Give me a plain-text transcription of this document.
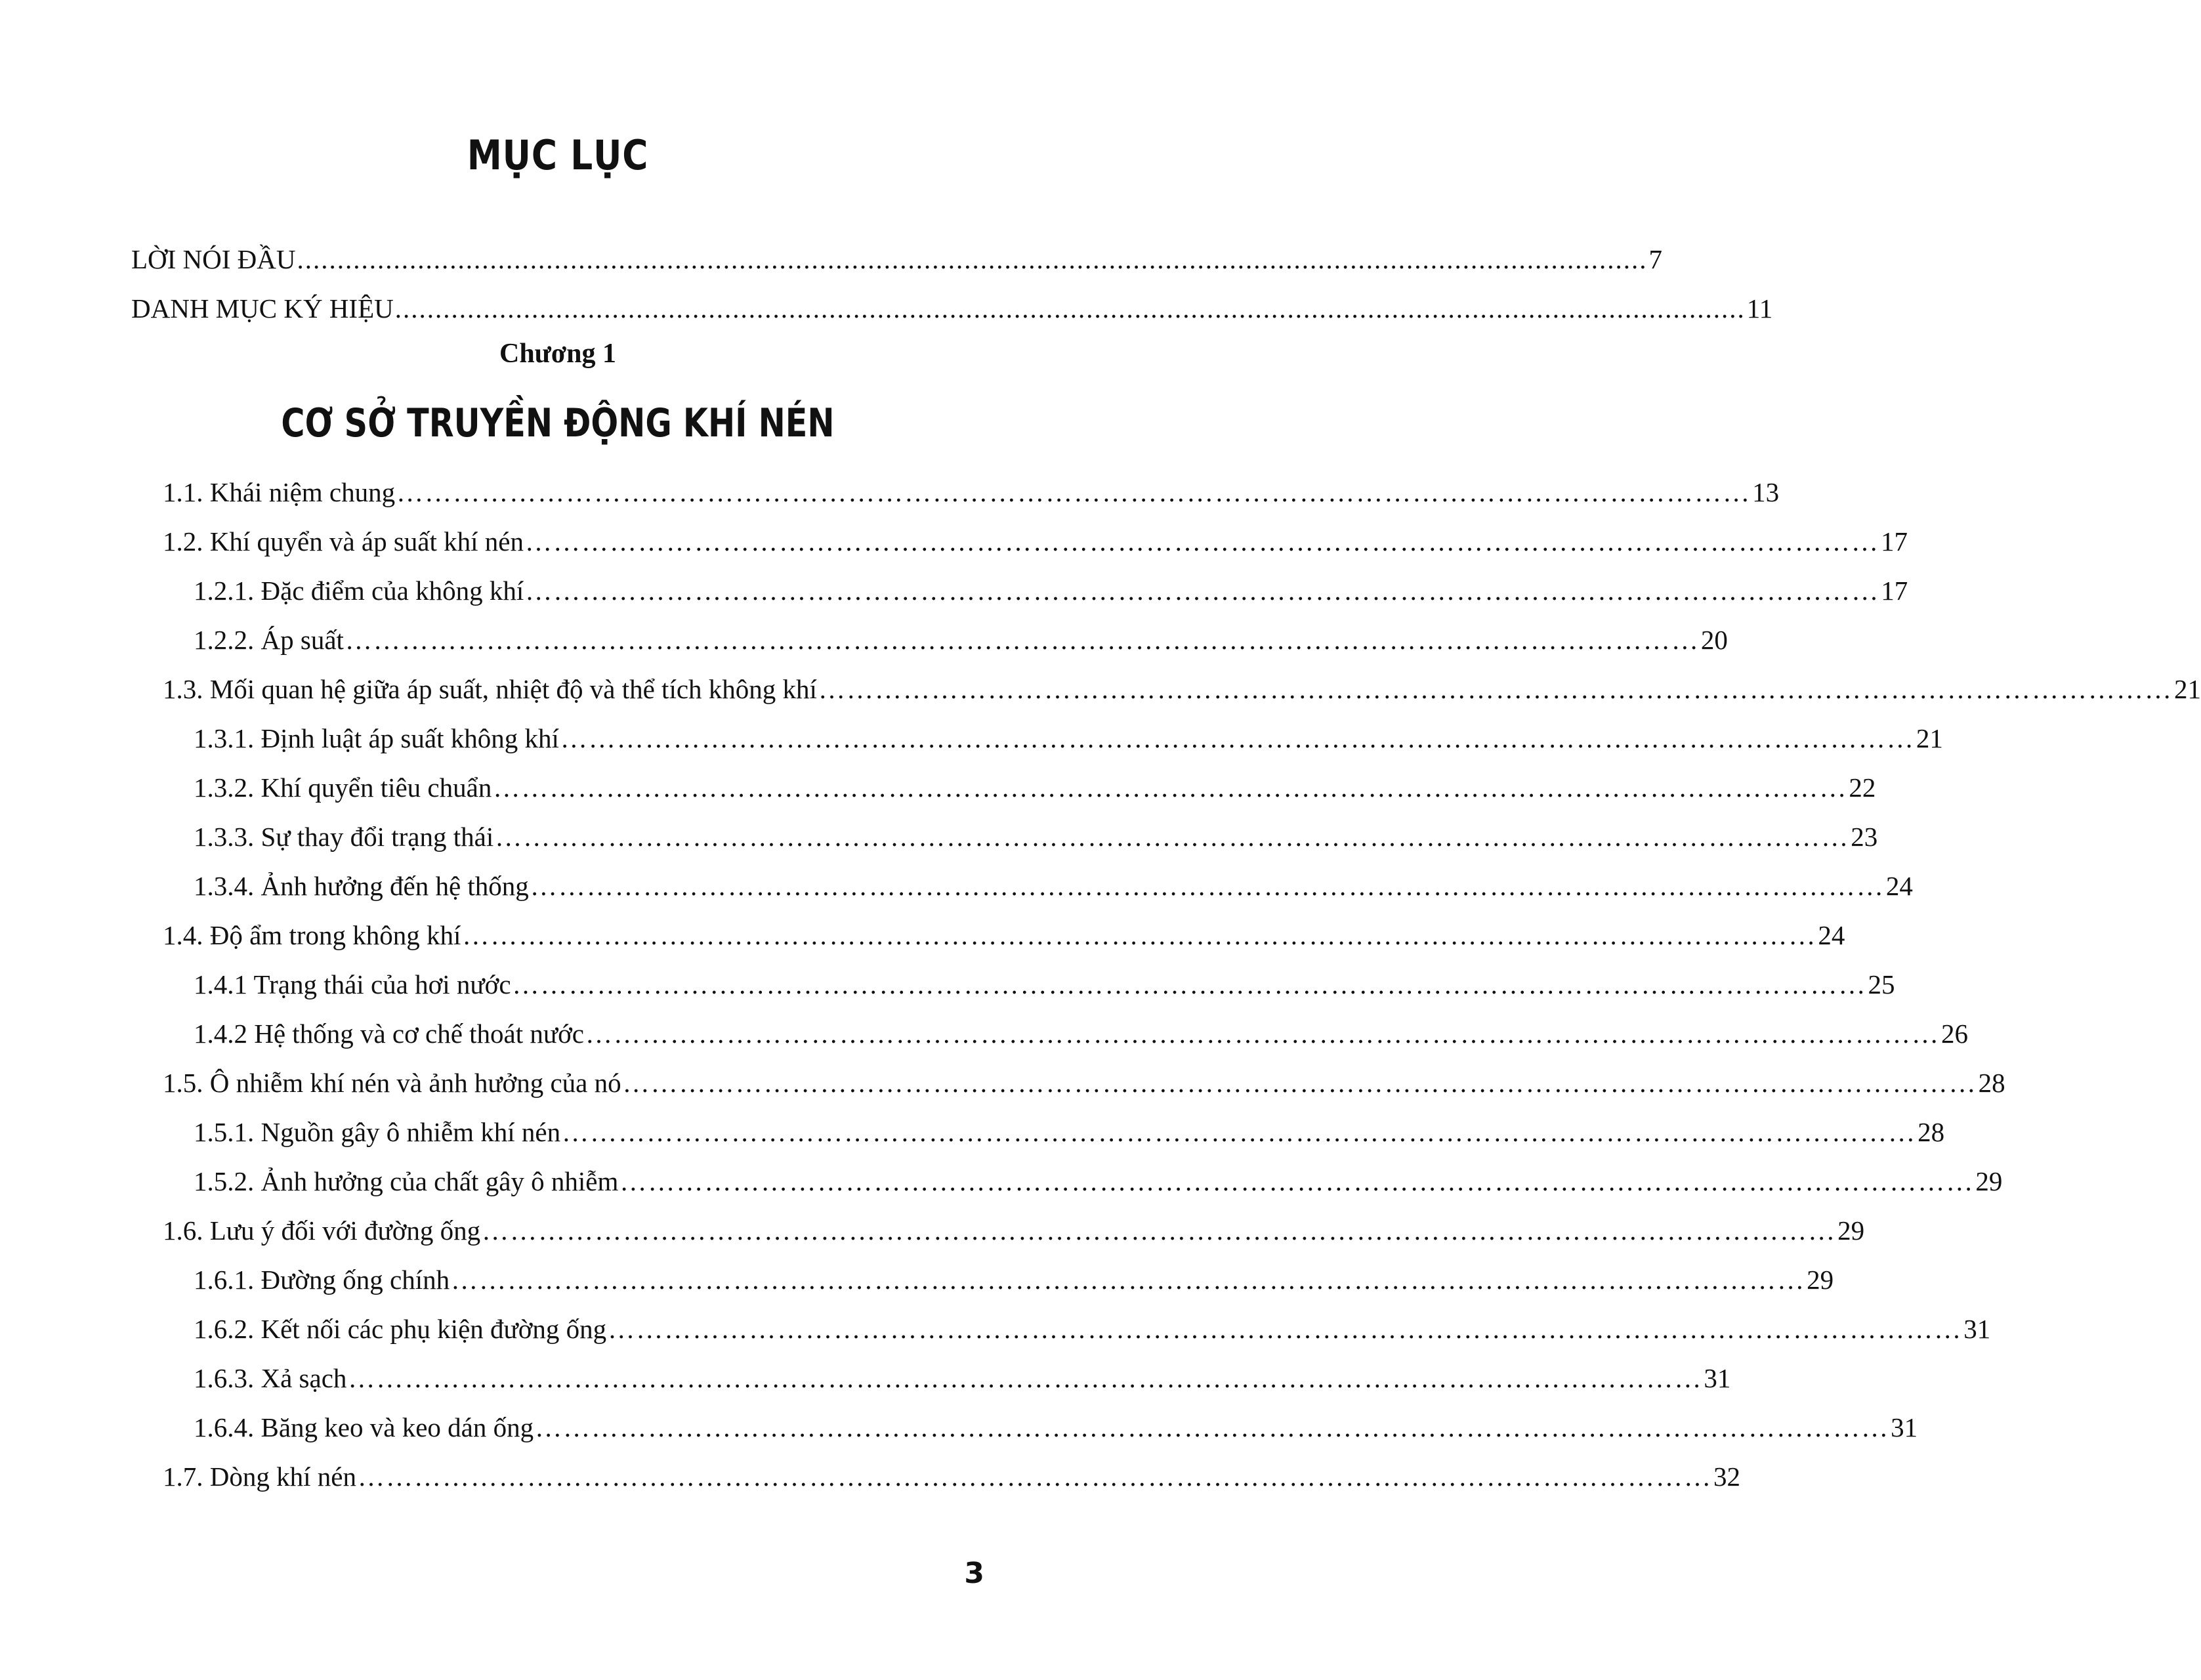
MỤC LỤC
LỜI NÓI ĐẦU ........................................................................................................................................................................ 7
DANH MỤC KÝ HIỆU ........................................................................................................................................................................ 11
Chương 1
CƠ SỞ TRUYỀN ĐỘNG KHÍ NÉN
1.1. Khái niệm chung ……………………………………………………………………………………………………………………………… 13
1.2. Khí quyển và áp suất khí nén ……………………………………………………………………………………………………………………………… 17
1.2.1. Đặc điểm của không khí ……………………………………………………………………………………………………………………………… 17
1.2.2. Áp suất ……………………………………………………………………………………………………………………………… 20
1.3. Mối quan hệ giữa áp suất, nhiệt độ và thể tích không khí ……………………………………………………………………………………………………………………………… 21
1.3.1. Định luật áp suất không khí ……………………………………………………………………………………………………………………………… 21
1.3.2. Khí quyển tiêu chuẩn ……………………………………………………………………………………………………………………………… 22
1.3.3. Sự thay đổi trạng thái ……………………………………………………………………………………………………………………………… 23
1.3.4. Ảnh hưởng đến hệ thống ……………………………………………………………………………………………………………………………… 24
1.4. Độ ẩm trong không khí ……………………………………………………………………………………………………………………………… 24
1.4.1 Trạng thái của hơi nước ……………………………………………………………………………………………………………………………… 25
1.4.2 Hệ thống và cơ chế thoát nước ……………………………………………………………………………………………………………………………… 26
1.5. Ô nhiễm khí nén và ảnh hưởng của nó ……………………………………………………………………………………………………………………………… 28
1.5.1. Nguồn gây ô nhiễm khí nén ……………………………………………………………………………………………………………………………… 28
1.5.2. Ảnh hưởng của chất gây ô nhiễm ……………………………………………………………………………………………………………………………… 29
1.6. Lưu ý đối với đường ống ……………………………………………………………………………………………………………………………… 29
1.6.1. Đường ống chính ……………………………………………………………………………………………………………………………… 29
1.6.2. Kết nối các phụ kiện đường ống ……………………………………………………………………………………………………………………………… 31
1.6.3. Xả sạch ……………………………………………………………………………………………………………………………… 31
1.6.4. Băng keo và keo dán ống ……………………………………………………………………………………………………………………………… 31
1.7. Dòng khí nén ……………………………………………………………………………………………………………………………… 32
3
